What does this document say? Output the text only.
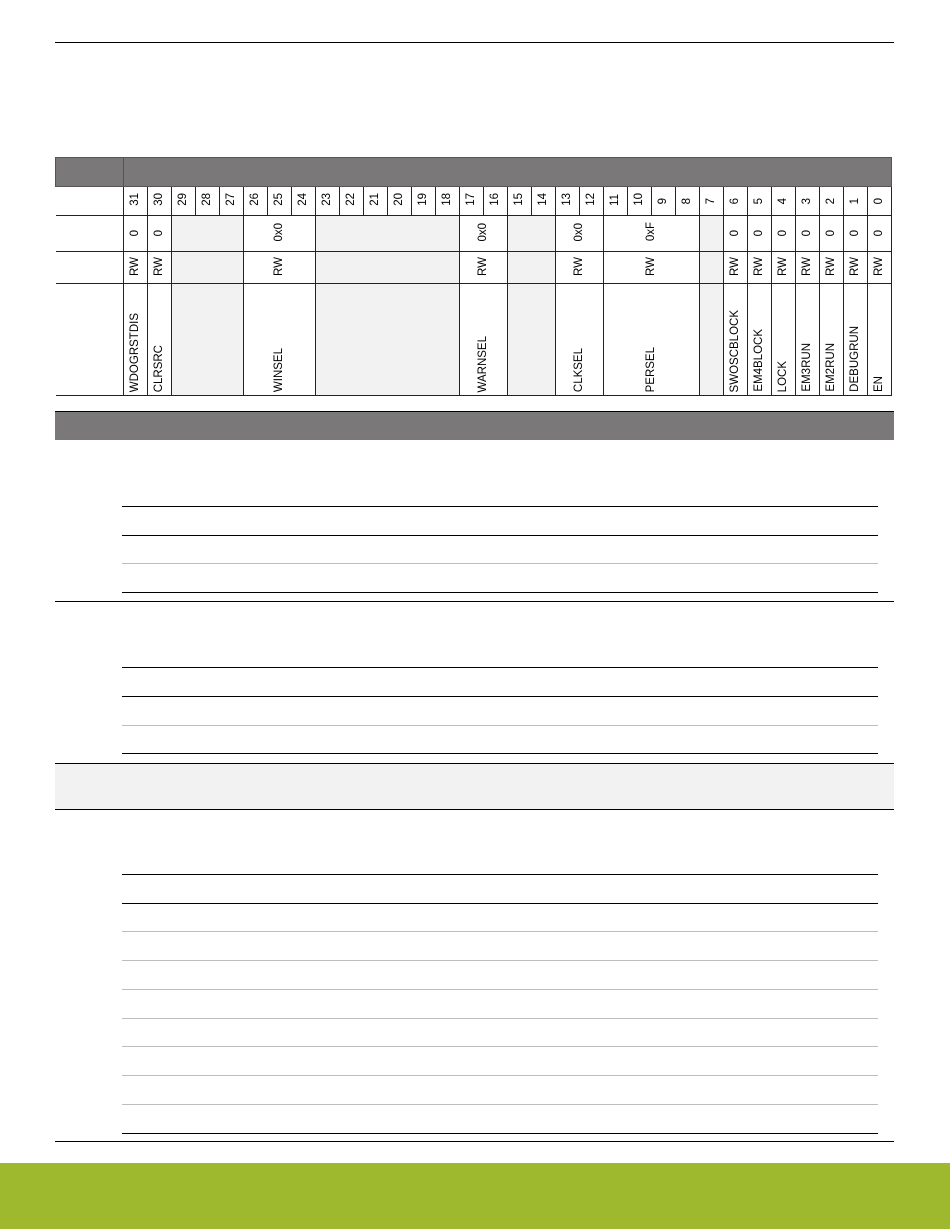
	31	30	29	28	27	26	25	24	23	22	21	20	19	18	17	16	15	14	13	12	11	10	9	8	7	6	5	4	3	2	1	0
	0	0				0x0									0x0				0x0		0xF					0	0	0	0	0	0	0
	RW	RW				RW									RW				RW		RW					RW	RW	RW	RW	RW	RW	RW
	WDOGRSTDIS	CLRSRC				WINSEL									WARNSEL				CLKSEL		PERSEL					SWOSCBLOCK	EM4BLOCK	LOCK	EM3RUN	EM2RUN	DEBUGRUN	EN
